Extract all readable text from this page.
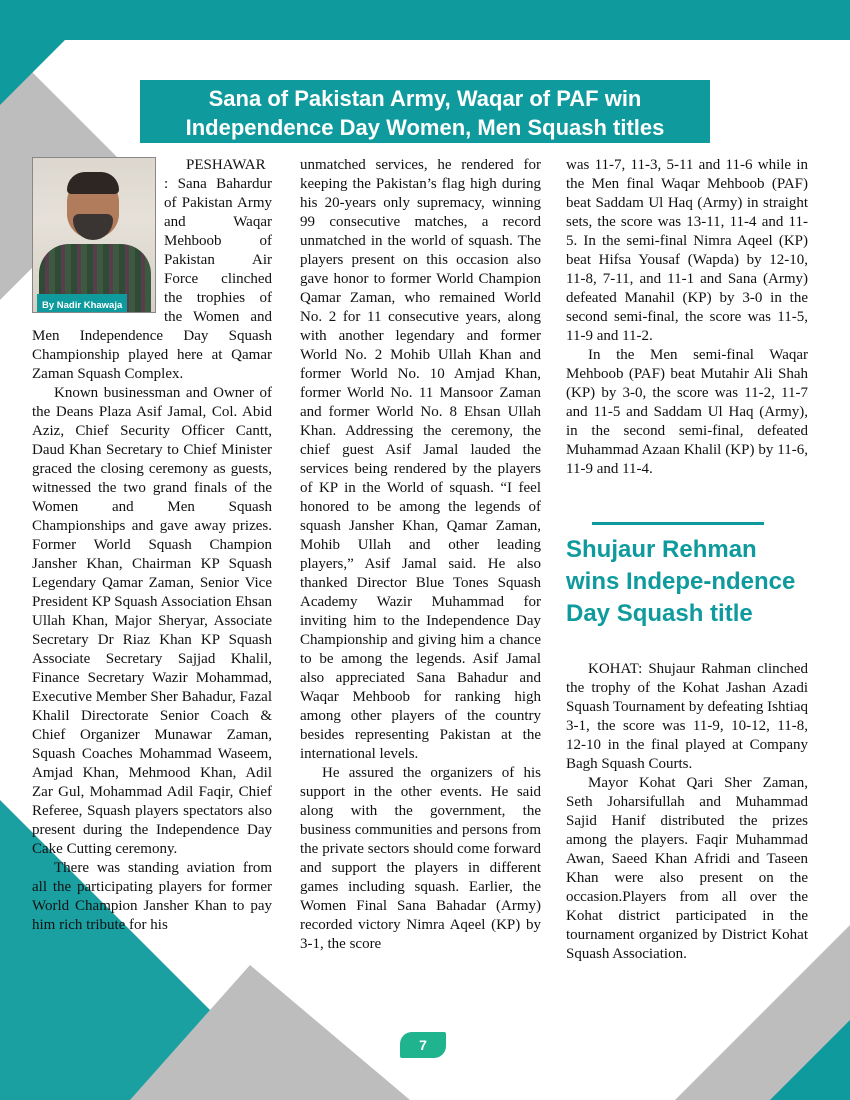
Sana of Pakistan Army, Waqar of PAF win
Independence Day Women, Men Squash titles
By Nadir Khawaja

PESHAWAR : Sana Bahardur of Pakistan Army and Waqar Mehboob of Pakistan Air Force clinched the trophies of the Women and Men Independence Day Squash Championship played here at Qamar Zaman Squash Complex.

Known businessman and Owner of the Deans Plaza Asif Jamal, Col. Abid Aziz, Chief Security Officer Cantt, Daud Khan Secretary to Chief Minister graced the closing ceremony as guests, witnessed the two grand finals of the Women and Men Squash Championships and gave away prizes. Former World Squash Champion Jansher Khan, Chairman KP Squash Legendary Qamar Zaman, Senior Vice President KP Squash Association Ehsan Ullah Khan, Major Sheryar, Associate Secretary Dr Riaz Khan KP Squash Associate Secretary Sajjad Khalil, Finance Secretary Wazir Mohammad, Executive Member Sher Bahadur, Fazal Khalil Directorate Senior Coach & Chief Organizer Munawar Zaman, Squash Coaches Mohammad Waseem, Amjad Khan, Mehmood Khan, Adil Zar Gul, Mohammad Adil Faqir, Chief Referee, Squash players spectators also present during the Independence Day Cake Cutting ceremony.

There was standing aviation from all the participating players for former World Champion Jansher Khan to pay him rich tribute for his

unmatched services, he rendered for keeping the Pakistan’s flag high during his 20-years only supremacy, winning 99 consecutive matches, a record unmatched in the world of squash. The players present on this occasion also gave honor to former World Champion Qamar Zaman, who remained World No. 2 for 11 consecutive years, along with another legendary and former World No. 2 Mohib Ullah Khan and former World No. 10 Amjad Khan, former World No. 11 Mansoor Zaman and former World No. 8 Ehsan Ullah Khan. Addressing the ceremony, the chief guest Asif Jamal lauded the services being rendered by the players of KP in the World of squash. “I feel honored to be among the legends of squash Jansher Khan, Qamar Zaman, Mohib Ullah and other leading players,” Asif Jamal said. He also thanked Director Blue Tones Squash Academy Wazir Muhammad for inviting him to the Independence Day Championship and giving him a chance to be among the legends. Asif Jamal also appreciated Sana Bahadur and Waqar Mehboob for ranking high among other players of the country besides representing Pakistan at the international levels.

He assured the organizers of his support in the other events. He said along with the government, the business communities and persons from the private sectors should come forward and support the players in different games including squash. Earlier, the Women Final Sana Bahadar (Army) recorded victory Nimra Aqeel (KP) by 3-1, the score

was 11-7, 11-3, 5-11 and 11-6 while in the Men final Waqar Mehboob (PAF) beat Saddam Ul Haq (Army) in straight sets, the score was 13-11, 11-4 and 11-5. In the semi-final Nimra Aqeel (KP) beat Hifsa Yousaf (Wapda) by 12-10, 11-8, 7-11, and 11-1 and Sana (Army) defeated Manahil (KP) by 3-0 in the second semi-final, the score was 11-5, 11-9 and 11-2.

In the Men semi-final Waqar Mehboob (PAF) beat Mutahir Ali Shah (KP) by 3-0, the score was 11-2, 11-7 and 11-5 and Saddam Ul Haq (Army), in the second semi-final, defeated Muhammad Azaan Khalil (KP) by 11-6, 11-9 and 11-4.

Shujaur Rehman wins Indepe-ndence Day Squash title

KOHAT: Shujaur Rahman clinched the trophy of the Kohat Jashan Azadi Squash Tournament by defeating Ishtiaq 3-1, the score was 11-9, 10-12, 11-8, 12-10 in the final played at Company Bagh Squash Courts.

Mayor Kohat Qari Sher Zaman, Seth Joharsifullah and Muhammad Sajid Hanif distributed the prizes among the players. Faqir Muhammad Awan, Saeed Khan Afridi and Taseen Khan were also present on the occasion.Players from all over the Kohat district participated in the tournament organized by District Kohat Squash Association.

7
